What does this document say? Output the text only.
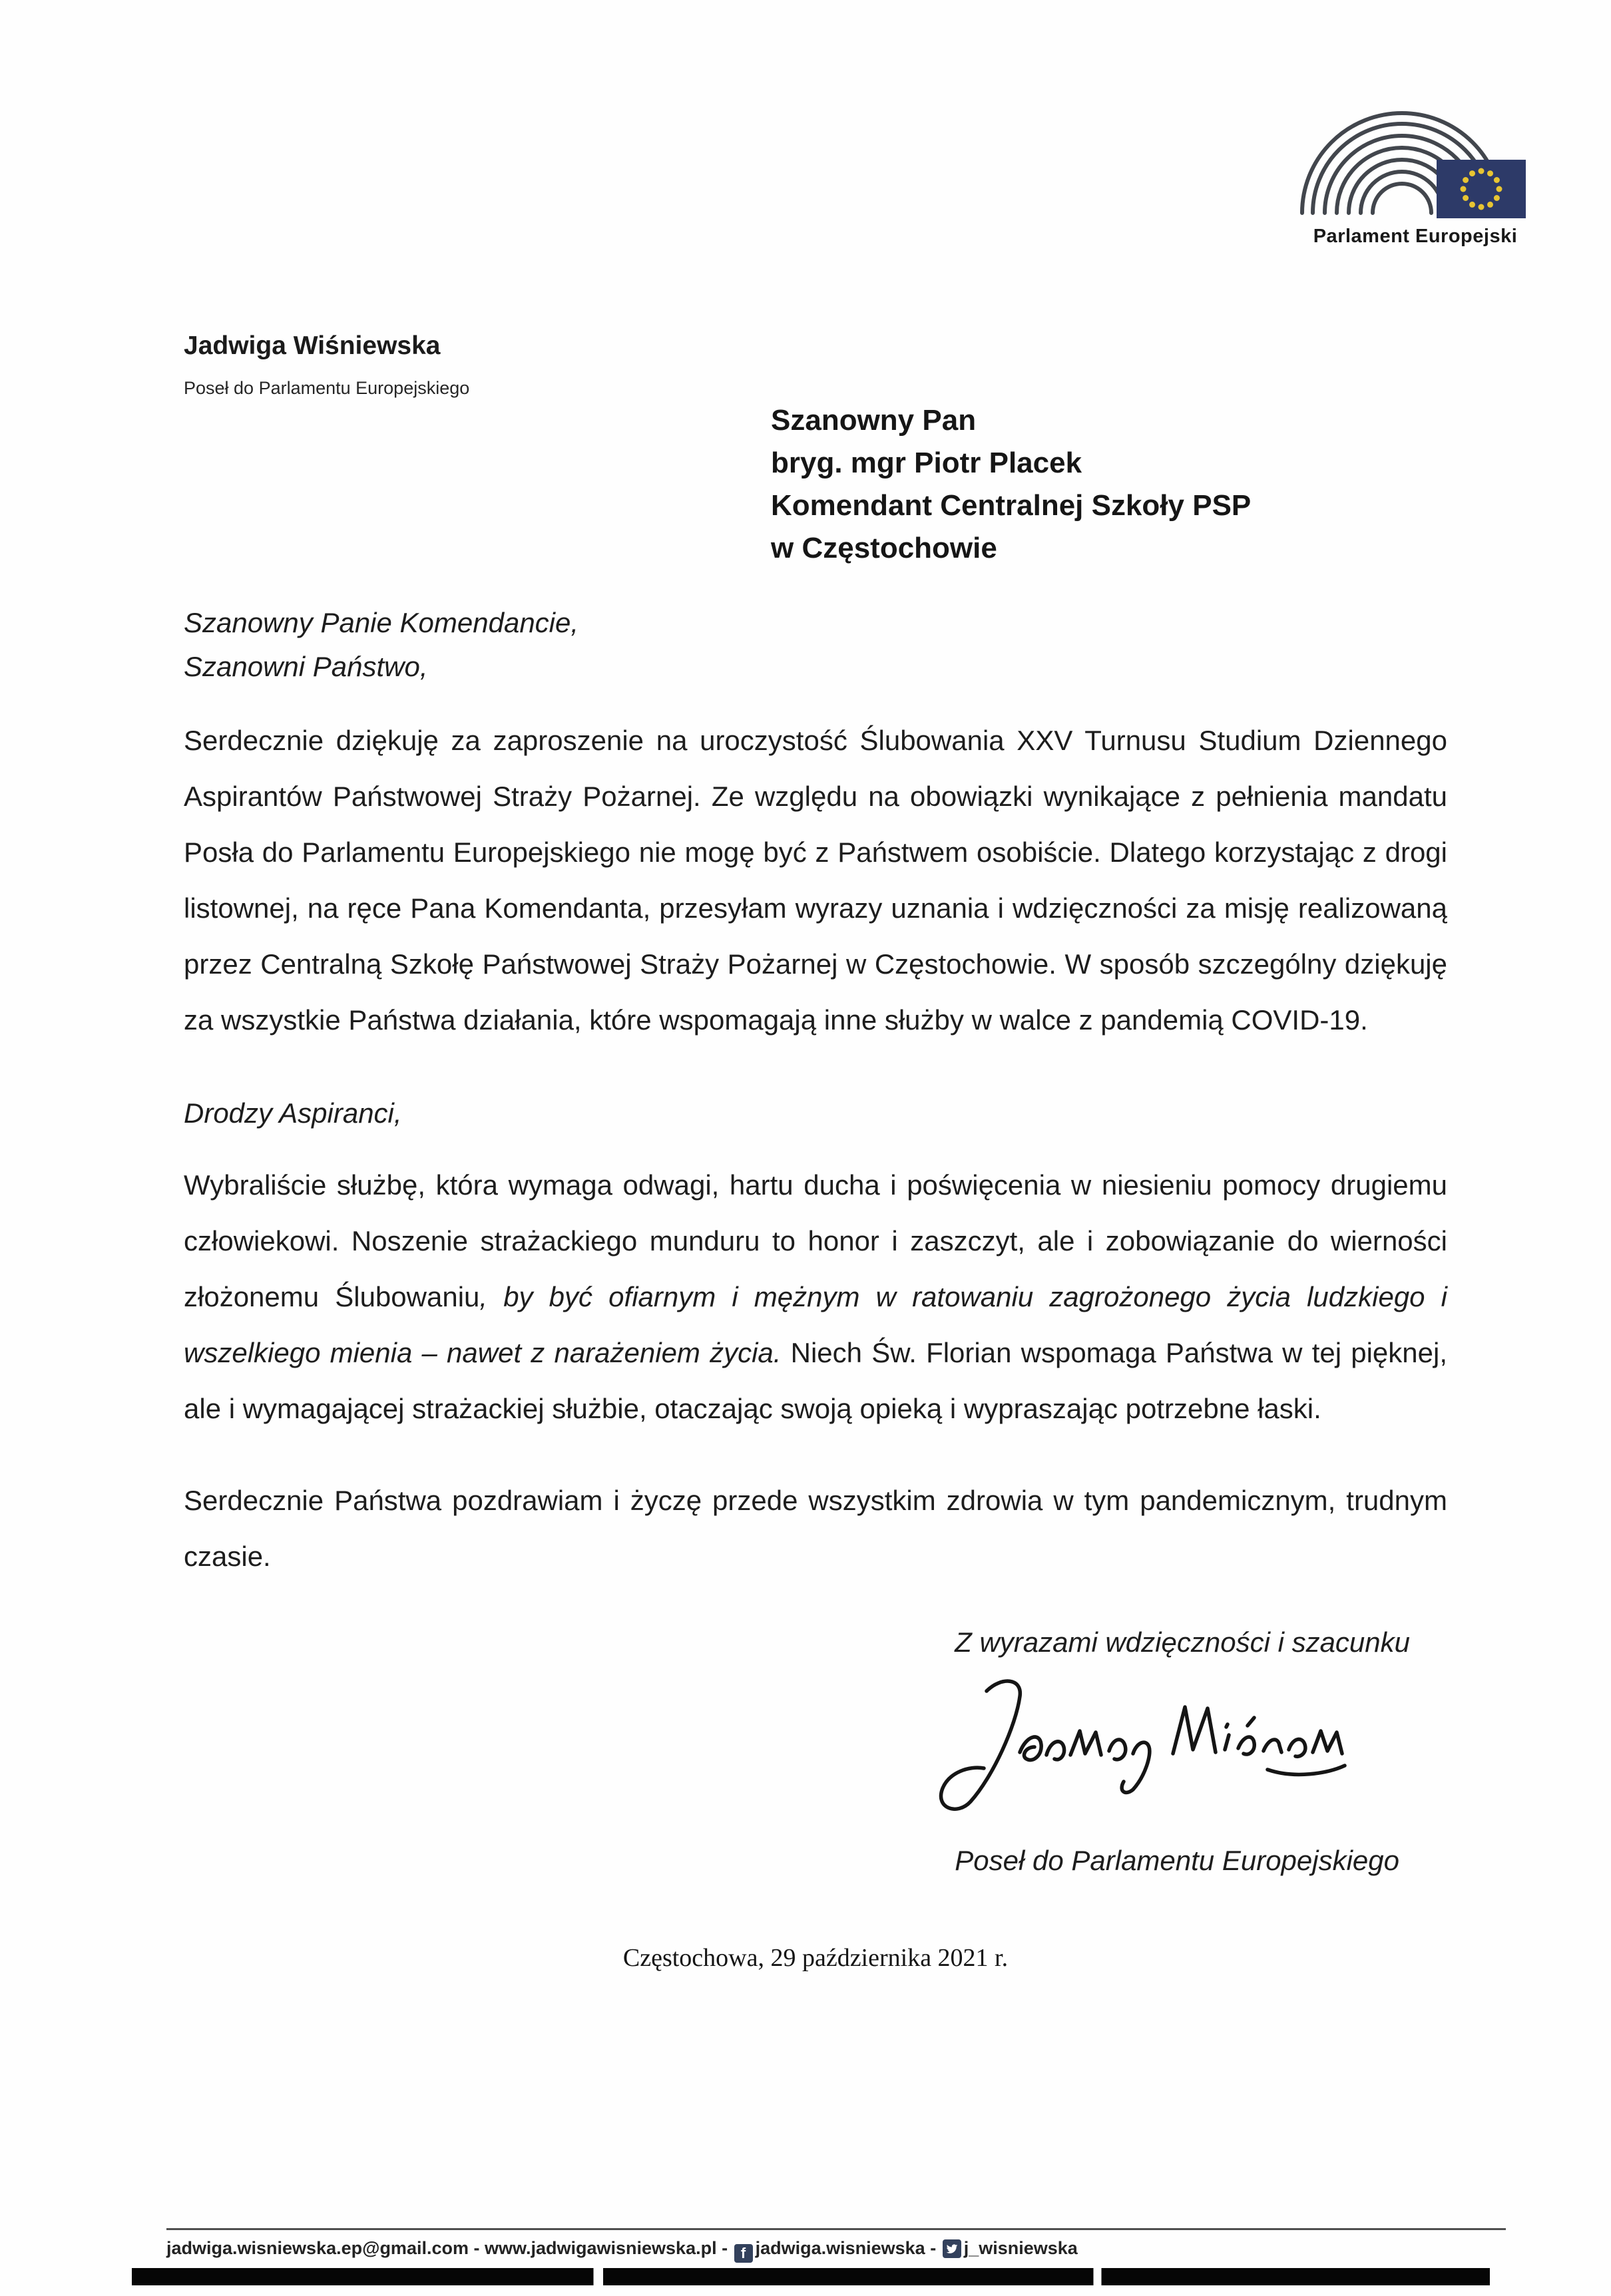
Parlament Europejski
Jadwiga Wiśniewska
Poseł do Parlamentu Europejskiego
Szanowny Pan
bryg. mgr Piotr Placek
Komendant Centralnej Szkoły PSP
w Częstochowie
Szanowny Panie Komendancie,
Szanowni Państwo,

Serdecznie dziękuję za zaproszenie na uroczystość Ślubowania XXV Turnusu Studium Dziennego Aspirantów Państwowej Straży Pożarnej. Ze względu na obowiązki wynikające z pełnienia mandatu Posła do Parlamentu Europejskiego nie mogę być z Państwem osobiście. Dlatego korzystając z drogi listownej, na ręce Pana Komendanta, przesyłam wyrazy uznania i wdzięczności za misję realizowaną przez Centralną Szkołę Państwowej Straży Pożarnej w Częstochowie. W sposób szczególny dziękuję za wszystkie Państwa działania, które wspomagają inne służby w walce z pandemią COVID-19.

Drodzy Aspiranci,

Wybraliście służbę, która wymaga odwagi, hartu ducha i poświęcenia w niesieniu pomocy drugiemu człowiekowi. Noszenie strażackiego munduru to honor i zaszczyt, ale i zobowiązanie do wierności złożonemu Ślubowaniu, by być ofiarnym i mężnym w ratowaniu zagrożonego życia ludzkiego i wszelkiego mienia – nawet z narażeniem życia. Niech Św. Florian wspomaga Państwa w tej pięknej, ale i wymagającej strażackiej służbie, otaczając swoją opieką i wypraszając potrzebne łaski.

Serdecznie Państwa pozdrawiam i życzę przede wszystkim zdrowia w tym pandemicznym, trudnym czasie.

Z wyrazami wdzięczności i szacunku
Poseł do Parlamentu Europejskiego
Częstochowa, 29 października 2021 r.
jadwiga.wisniewska.ep@gmail.com - www.jadwigawisniewska.pl - f jadwiga.wisniewska -
j_wisniewska
